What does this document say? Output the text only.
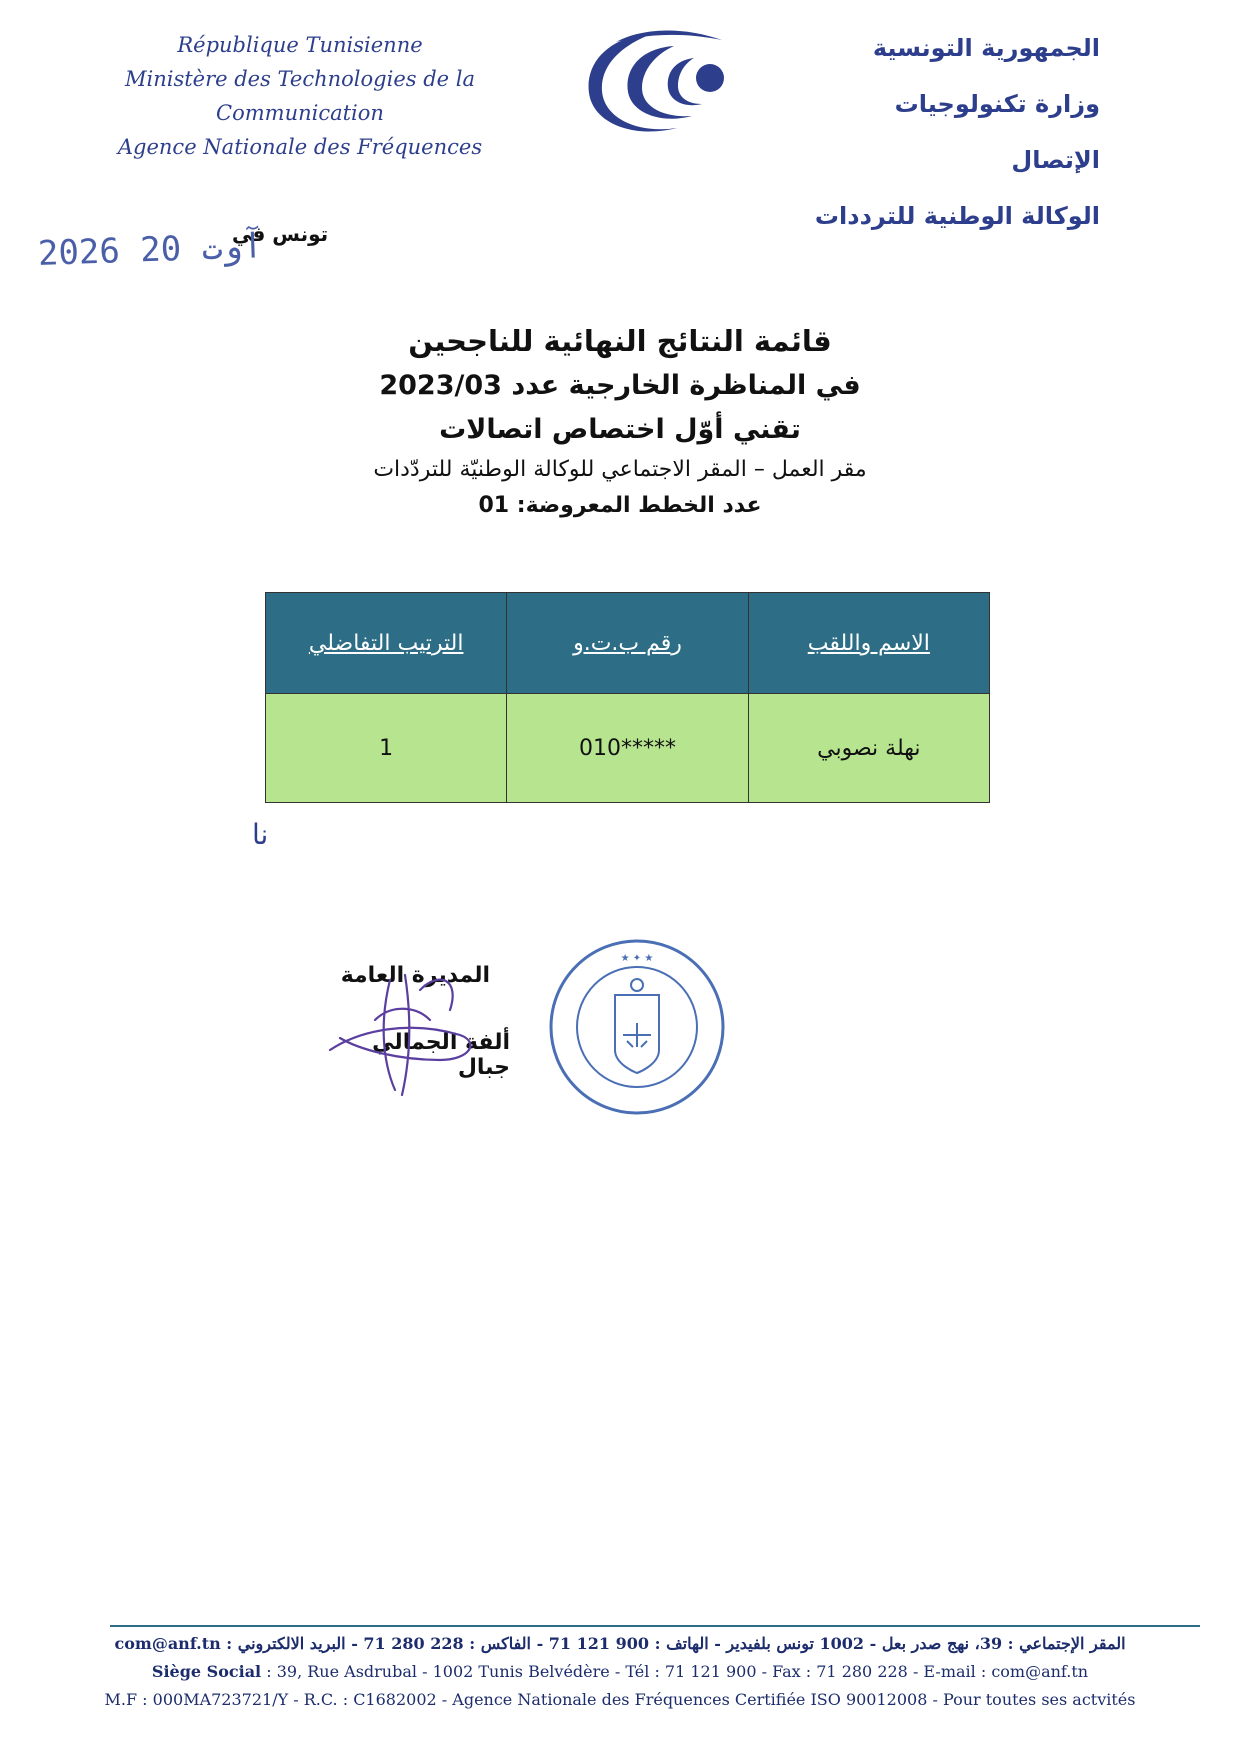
République Tunisienne
Ministère des Technologies de la Communication
Agence Nationale des Fréquences
الجمهورية التونسية
وزارة تكنولوجيات الإتصال
الوكالة الوطنية للترددات
تونس في
2026 آوت 20
قائمة النتائج النهائية للناجحين
في المناظرة الخارجية عدد 2023/03
تقني أوّل اختصاص اتصالات
مقر العمل – المقر الاجتماعي للوكالة الوطنيّة للتردّدات
عدد الخطط المعروضة: 01
الاسم واللقب	رقم ب.ت.و	الترتيب التفاضلي
نهلة نصوبي	*****010	1
نا
المديرة العامة
ألفة الجمالي جبال
★ ✦ ★
المقر الإجتماعي : 39، نهج صدر بعل - 1002 تونس بلفيدير - الهاتف : 900 121 71 - الفاكس : 228 280 71 - البريد الالكتروني : com@anf.tn
Siège Social : 39, Rue Asdrubal - 1002 Tunis Belvédère - Tél : 71 121 900 - Fax : 71 280 228 - E-mail : com@anf.tn
M.F : 000MA723721/Y - R.C. : C1682002 - Agence Nationale des Fréquences Certifiée ISO 90012008 - Pour toutes ses actvités
